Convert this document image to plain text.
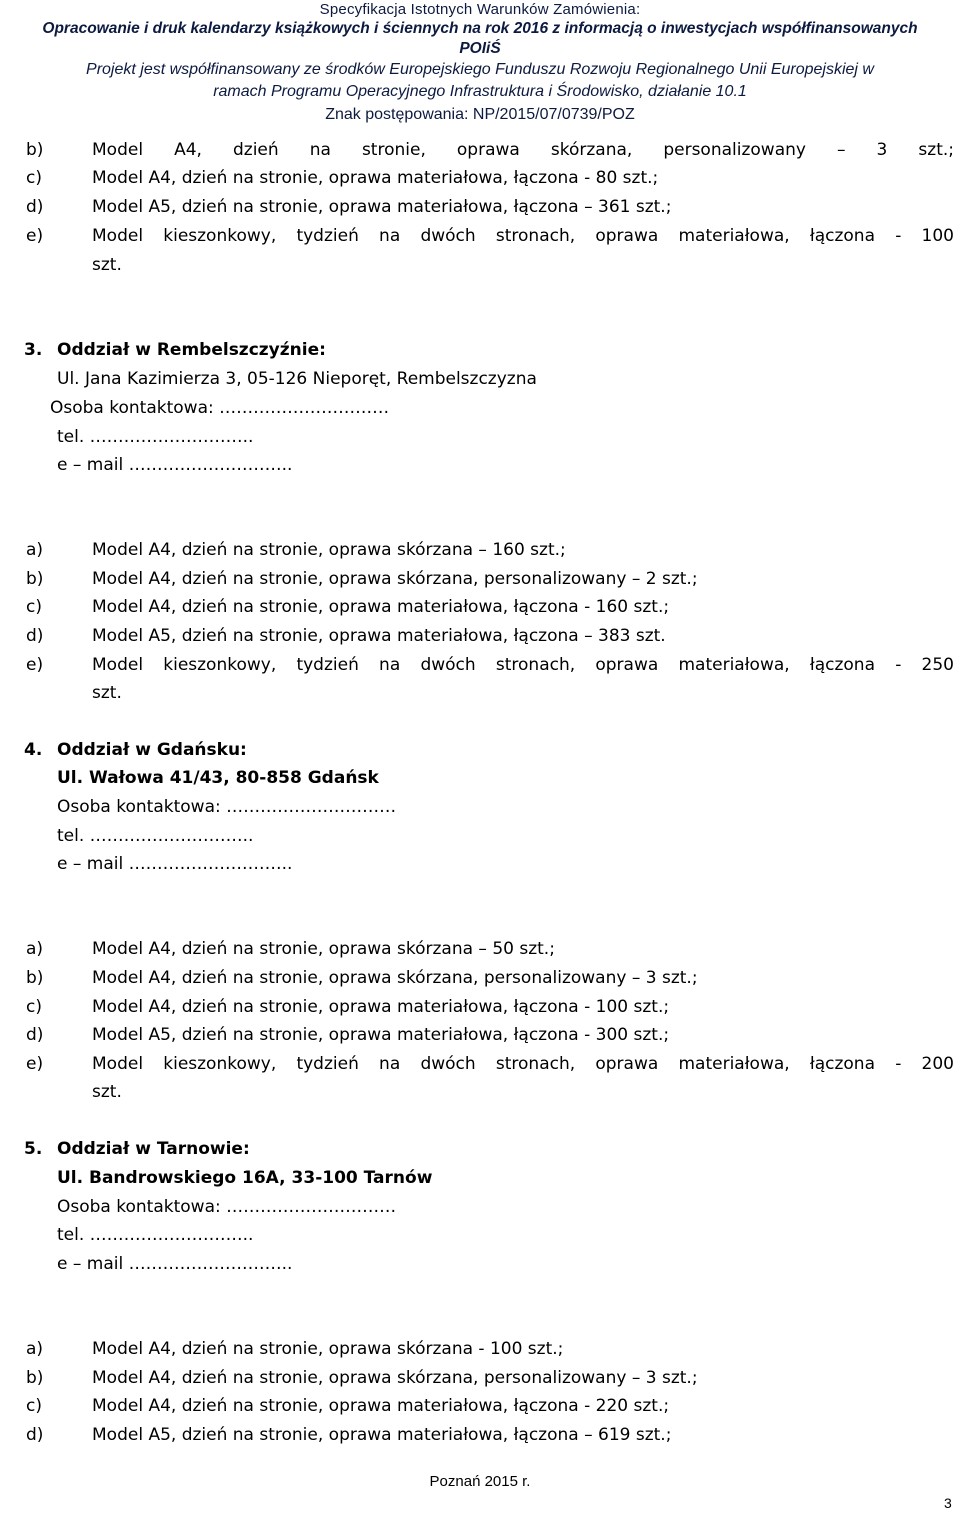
Specyfikacja Istotnych Warunków Zamówienia:
Opracowanie i druk kalendarzy książkowych i ściennych na rok 2016 z informacją o inwestycjach współfinansowanych
POIiŚ
Projekt jest współfinansowany ze środków Europejskiego Funduszu Rozwoju Regionalnego Unii Europejskiej w
ramach Programu Operacyjnego Infrastruktura i Środowisko, działanie 10.1
Znak postępowania: NP/2015/07/0739/POZ
b)	Model A4, dzień na stronie, oprawa skórzana, personalizowany – 3 szt.;
c)	Model A4, dzień na stronie, oprawa materiałowa, łączona - 80 szt.;
d)	Model A5, dzień na stronie, oprawa materiałowa, łączona – 361 szt.;
e)	Model kieszonkowy, tydzień na dwóch stronach, oprawa materiałowa, łączona - 100
szt.
3. Oddział w Rembelszczyźnie:
Ul. Jana Kazimierza 3, 05-126 Nieporęt, Rembelszczyzna
Osoba kontaktowa: …………………………
tel. ………………………..
e – mail ………………………..
a)	Model A4, dzień na stronie, oprawa skórzana – 160 szt.;
b)	Model A4, dzień na stronie, oprawa skórzana, personalizowany – 2 szt.;
c)	Model A4, dzień na stronie, oprawa materiałowa, łączona - 160 szt.;
d)	Model A5, dzień na stronie, oprawa materiałowa, łączona – 383 szt.
e)	Model kieszonkowy, tydzień na dwóch stronach, oprawa materiałowa, łączona - 250
szt.
4. Oddział w Gdańsku:
Ul. Wałowa 41/43, 80-858 Gdańsk
Osoba kontaktowa: …………………………
tel. ………………………..
e – mail ………………………..
a)	Model A4, dzień na stronie, oprawa skórzana – 50 szt.;
b)	Model A4, dzień na stronie, oprawa skórzana, personalizowany – 3 szt.;
c)	Model A4, dzień na stronie, oprawa materiałowa, łączona - 100 szt.;
d)	Model A5, dzień na stronie, oprawa materiałowa, łączona - 300 szt.;
e)	Model kieszonkowy, tydzień na dwóch stronach, oprawa materiałowa, łączona - 200
szt.
5. Oddział w Tarnowie:
Ul. Bandrowskiego 16A, 33-100 Tarnów
Osoba kontaktowa: …………………………
tel. ………………………..
e – mail ………………………..
a)	Model A4, dzień na stronie, oprawa skórzana - 100 szt.;
b)	Model A4, dzień na stronie, oprawa skórzana, personalizowany – 3 szt.;
c)	Model A4, dzień na stronie, oprawa materiałowa, łączona - 220 szt.;
d)	Model A5, dzień na stronie, oprawa materiałowa, łączona – 619 szt.;
Poznań 2015 r.
3
